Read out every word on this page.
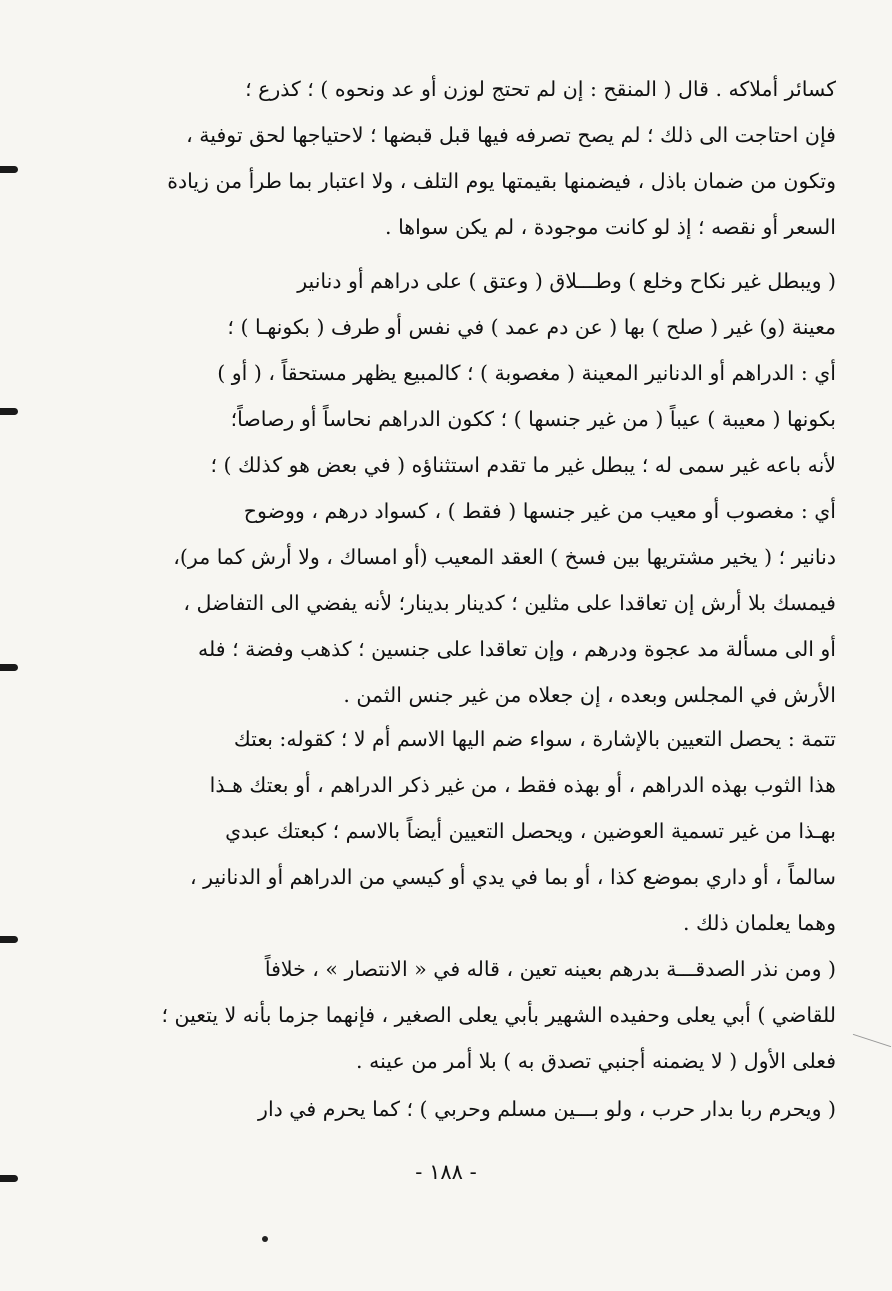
كسائر أملاكه . قال ( المنقح : إن لم تحتج لوزن أو عد ونحوه ) ؛ كذرع ؛
فإن احتاجت الى ذلك ؛ لم يصح تصرفه فيها قبل قبضها ؛ لاحتياجها لحق توفية ،
وتكون من ضمان باذل ، فيضمنها بقيمتها يوم التلف ، ولا اعتبار بما طرأ من زيادة
السعر أو نقصه ؛ إذ لو كانت موجودة ، لم يكن سواها .
( ويبطل غير نكاح وخلع ) وطـــلاق ( وعتق ) على دراهم أو دنانير
معينة (و) غير ( صلح ) بها ( عن دم عمد ) في نفس أو طرف ( بكونهـا ) ؛
أي : الدراهم أو الدنانير المعينة ( مغصوبة ) ؛ كالمبيع يظهر مستحقاً ، ( أو )
بكونها ( معيبة ) عيباً ( من غير جنسها ) ؛ ككون الدراهم نحاساً أو رصاصاً؛
لأنه باعه غير سمى له ؛ يبطل غير ما تقدم استثناؤه ( في بعض هو كذلك ) ؛
أي : مغصوب أو معيب من غير جنسها ( فقط ) ، كسواد درهم ، ووضوح
دنانير ؛ ( يخير مشتريها بين فسخ ) العقد المعيب (أو امساك ، ولا أرش كما مر)،
فيمسك بلا أرش إن تعاقدا على مثلين ؛ كدينار بدينار؛ لأنه يفضي الى التفاضل ،
أو الى مسألة مد عجوة ودرهم ، وإن تعاقدا على جنسين ؛ كذهب وفضة ؛ فله
الأرش في المجلس وبعده ، إن جعلاه من غير جنس الثمن .
تتمة : يحصل التعيين بالإشارة ، سواء ضم اليها الاسم أم لا ؛ كقوله: بعتك
هذا الثوب بهذه الدراهم ، أو بهذه فقط ، من غير ذكر الدراهم ، أو بعتك هـذا
بهـذا من غير تسمية العوضين ، ويحصل التعيين أيضاً بالاسم ؛ كبعتك عبدي
سالماً ، أو داري بموضع كذا ، أو بما في يدي أو كيسي من الدراهم أو الدنانير ،
وهما يعلمان ذلك .
( ومن نذر الصدقـــة بدرهم بعينه تعين ، قاله في « الانتصار » ، خلافاً
للقاضي ) أبي يعلى وحفيده الشهير بأبي يعلى الصغير ، فإنهما جزما بأنه لا يتعين ؛
فعلى الأول ( لا يضمنه أجنبي تصدق به ) بلا أمر من عينه .
( ويحرم ربا بدار حرب ، ولو بـــين مسلم وحربي ) ؛ كما يحرم في دار
- ١٨٨ -
